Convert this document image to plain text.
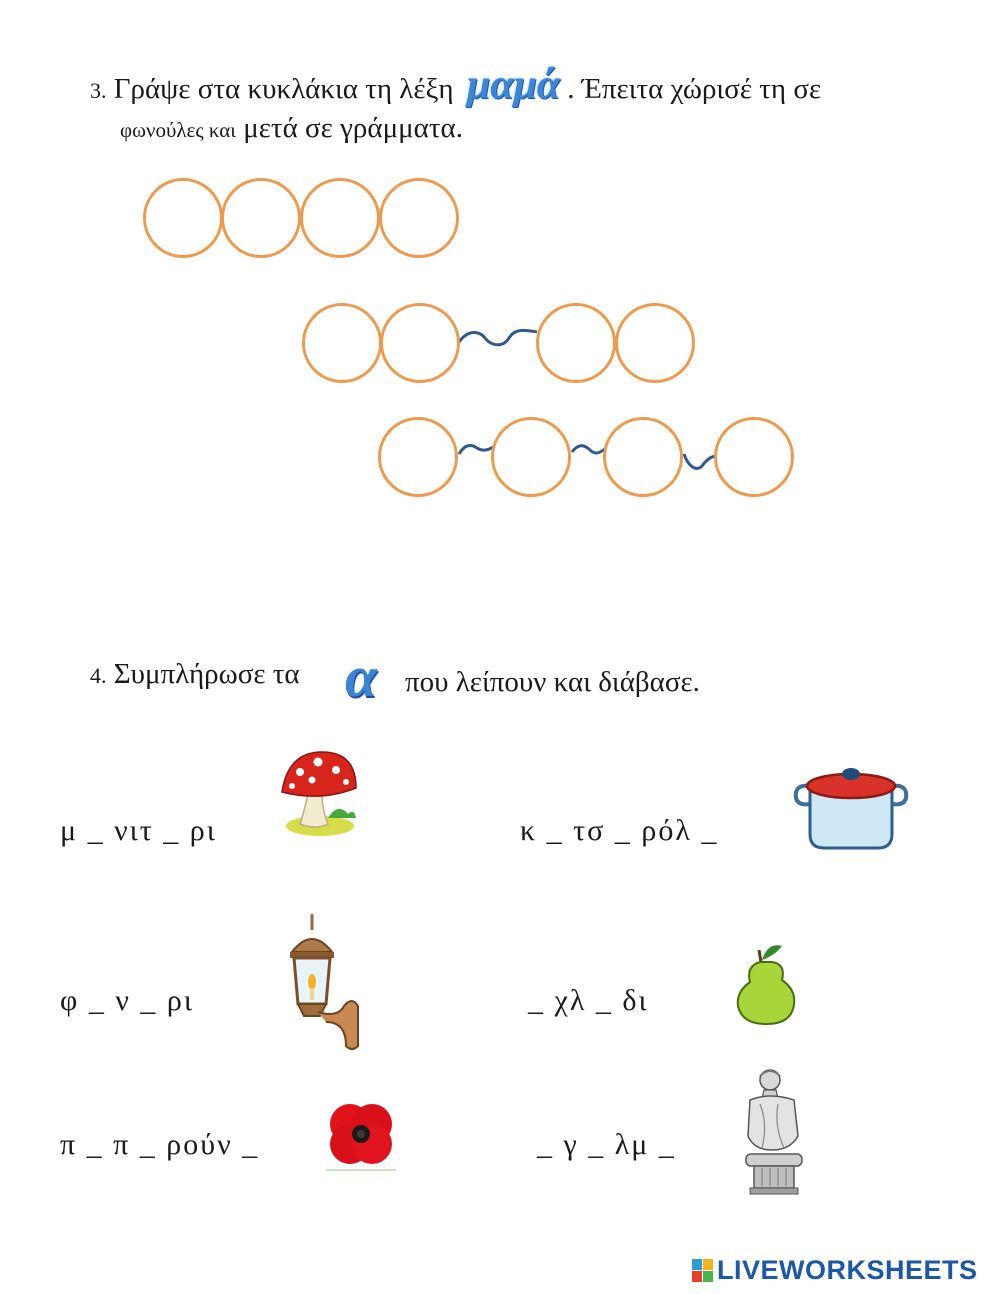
3. Γράψε στα κυκλάκια τη λέξη μαμά . Έπειτα χώρισέ τη σε
φωνούλες και μετά σε γράμματα.
4. Συμπλήρωσε τα α που λείπουν και διάβασε.
μ _ νιτ _ ρι	κ _ τσ _ ρόλ _
φ _ ν _ ρι	_ χλ _ δι
π _ π _ ρούν _	_ γ _ λμ _
LIVEWORKSHEETS
